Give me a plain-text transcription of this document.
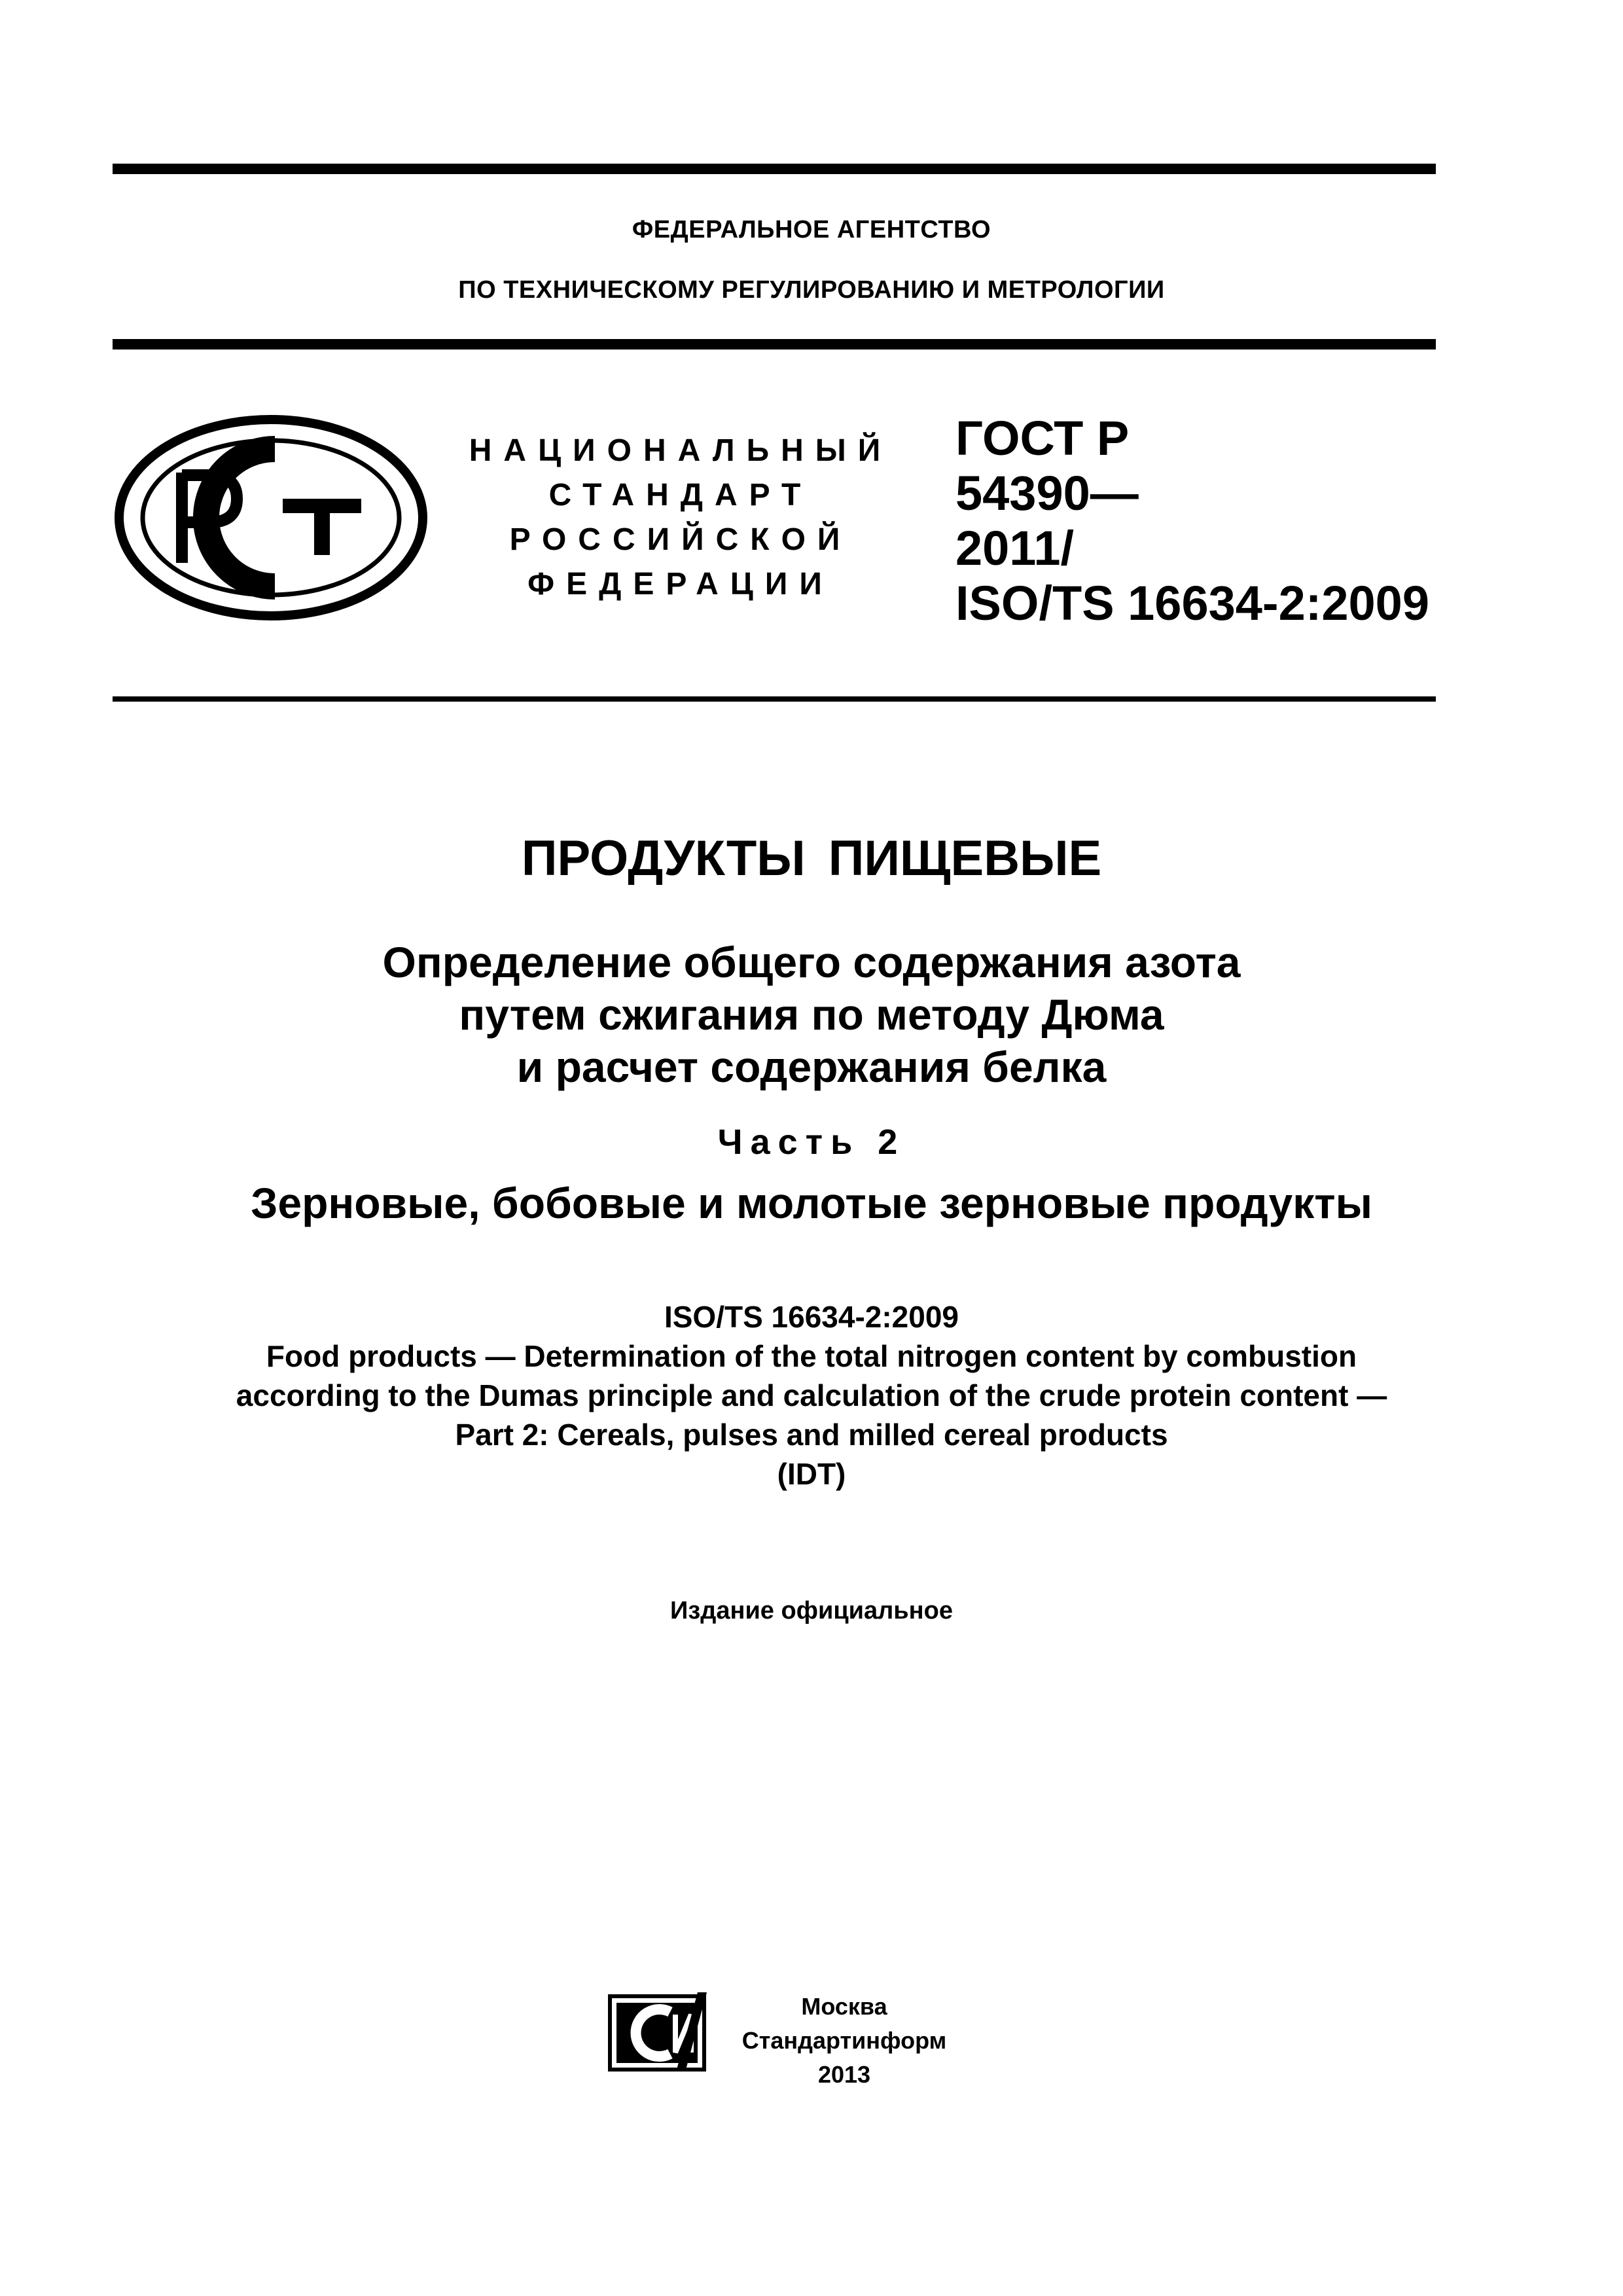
ФЕДЕРАЛЬНОЕ АГЕНТСТВО
ПО ТЕХНИЧЕСКОМУ РЕГУЛИРОВАНИЮ И МЕТРОЛОГИИ
РСТ
НАЦИОНАЛЬНЫЙ
СТАНДАРТ
РОССИЙСКОЙ
ФЕДЕРАЦИИ
ГОСТ Р
54390—
2011/
ISO/TS 16634-2:2009
ПРОДУКТЫ ПИЩЕВЫЕ
Определение общего содержания азота
путем сжигания по методу Дюма
и расчет содержания белка
Часть 2
Зерновые, бобовые и молотые зерновые продукты
ISO/TS 16634-2:2009
Food products — Determination of the total nitrogen content by combustion
according to the Dumas principle and calculation of the crude protein content —
Part 2: Cereals, pulses and milled cereal products
(IDT)
Издание официальное
СИ
Москва
Стандартинформ
2013
